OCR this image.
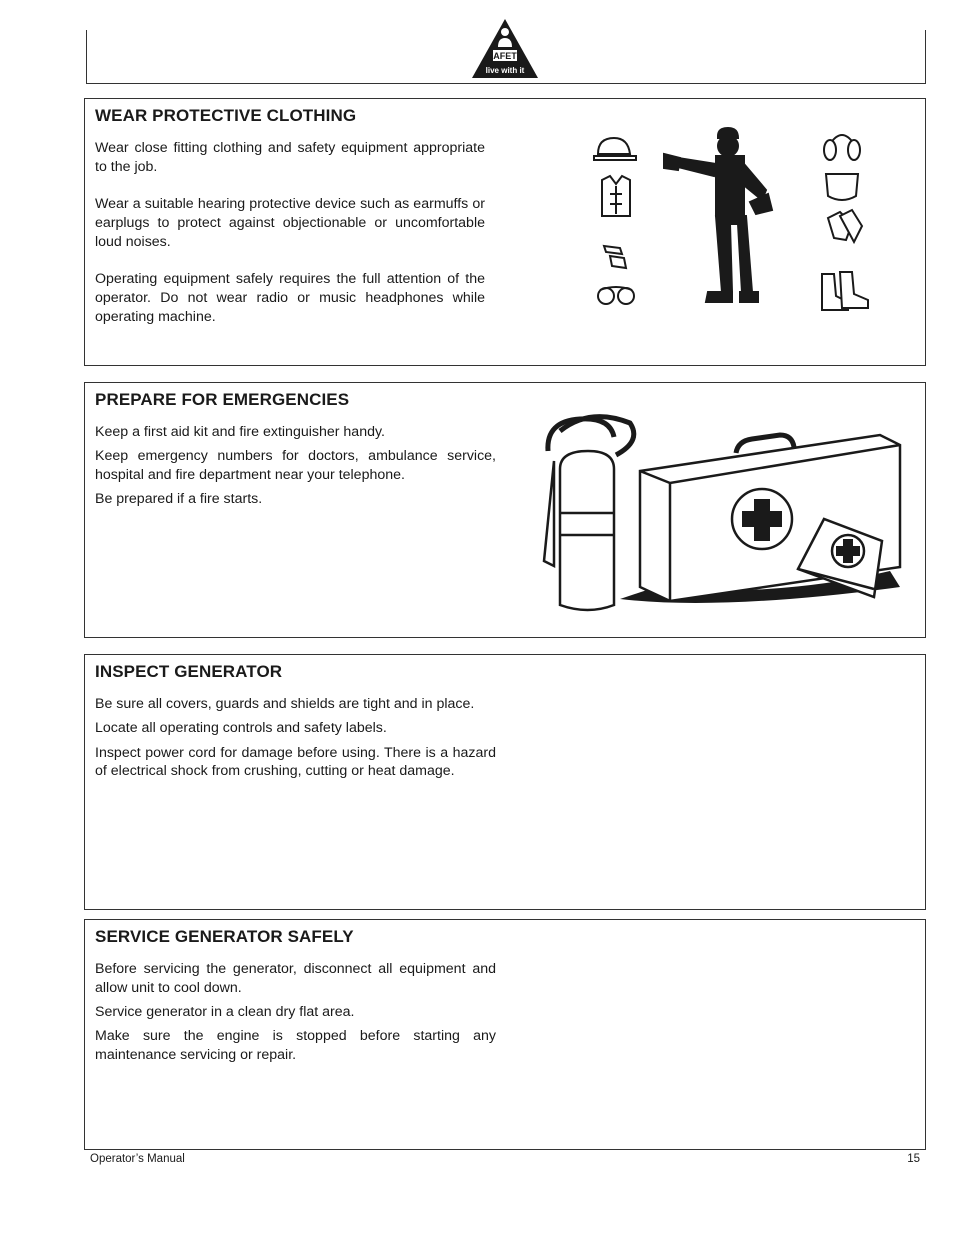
SAFETY
live with it
WEAR PROTECTIVE CLOTHING

Wear close fitting clothing and safety equipment appropriate to the job.

Wear a suitable hearing protective device such as earmuffs or earplugs to protect against objectionable or uncomfortable loud noises.

Operating equipment safely requires the full attention of the operator. Do not wear radio or music headphones while operating machine.

PREPARE FOR EMERGENCIES

Keep a first aid kit and fire extinguisher handy.

Keep emergency numbers for doctors, ambulance service, hospital and fire department near your telephone.

Be prepared if a fire starts.

INSPECT GENERATOR

Be sure all covers, guards and shields are tight and in place.

Locate all operating controls and safety labels.

Inspect power cord for damage before using. There is a hazard of electrical shock from crushing, cutting or heat damage.

SERVICE GENERATOR SAFELY

Before servicing the generator, disconnect all equipment and allow unit to cool down.

Service generator in a clean dry flat area.

Make sure the engine is stopped before starting any maintenance servicing or repair.

Operator’s Manual	15
